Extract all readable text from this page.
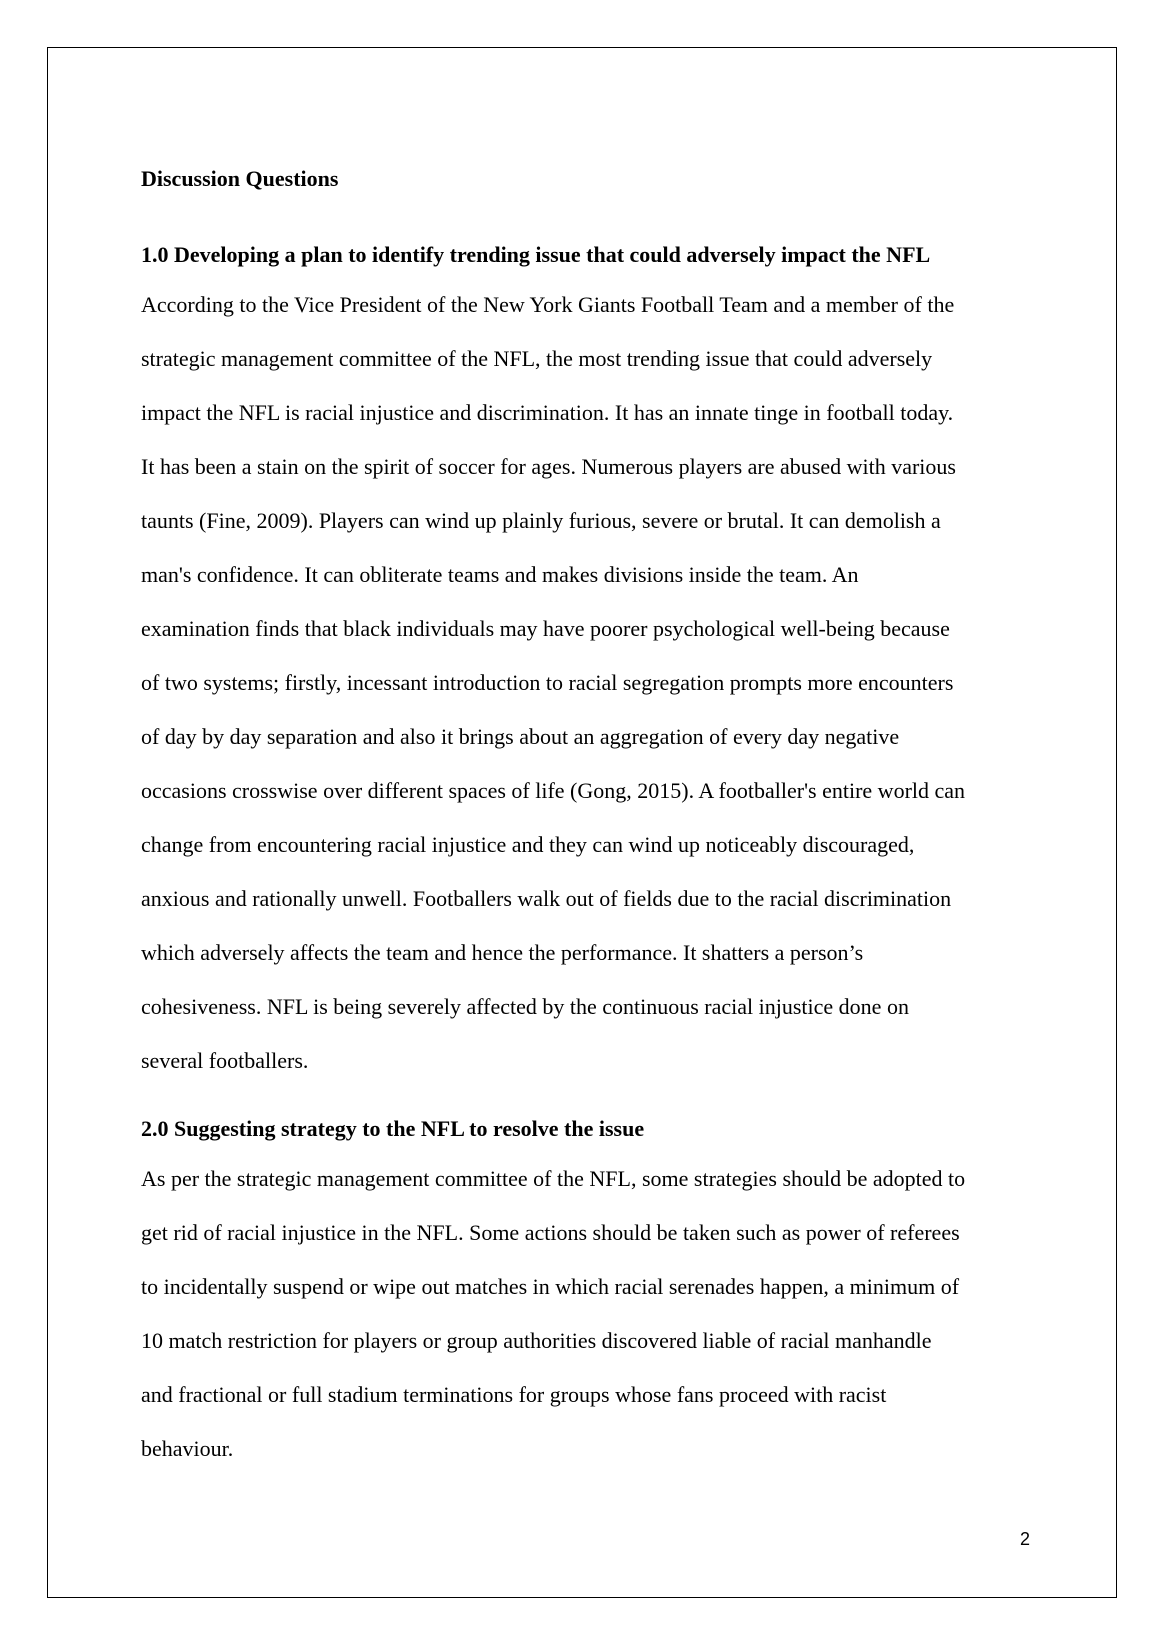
Discussion Questions

1.0 Developing a plan to identify trending issue that could adversely impact the NFL

According to the Vice President of the New York Giants Football Team and a member of the

strategic management committee of the NFL, the most trending issue that could adversely

impact the NFL is racial injustice and discrimination. It has an innate tinge in football today.

It has been a stain on the spirit of soccer for ages. Numerous players are abused with various

taunts (Fine, 2009). Players can wind up plainly furious, severe or brutal. It can demolish a

man's confidence. It can obliterate teams and makes divisions inside the team. An

examination finds that black individuals may have poorer psychological well-being because

of two systems; firstly, incessant introduction to racial segregation prompts more encounters

of day by day separation and also it brings about an aggregation of every day negative

occasions crosswise over different spaces of life (Gong, 2015). A footballer's entire world can

change from encountering racial injustice and they can wind up noticeably discouraged,

anxious and rationally unwell. Footballers walk out of fields due to the racial discrimination

which adversely affects the team and hence the performance. It shatters a person’s

cohesiveness. NFL is being severely affected by the continuous racial injustice done on

several footballers.

2.0 Suggesting strategy to the NFL to resolve the issue

As per the strategic management committee of the NFL, some strategies should be adopted to

get rid of racial injustice in the NFL. Some actions should be taken such as power of referees

to incidentally suspend or wipe out matches in which racial serenades happen, a minimum of

10 match restriction for players or group authorities discovered liable of racial manhandle

and fractional or full stadium terminations for groups whose fans proceed with racist

behaviour.

2
